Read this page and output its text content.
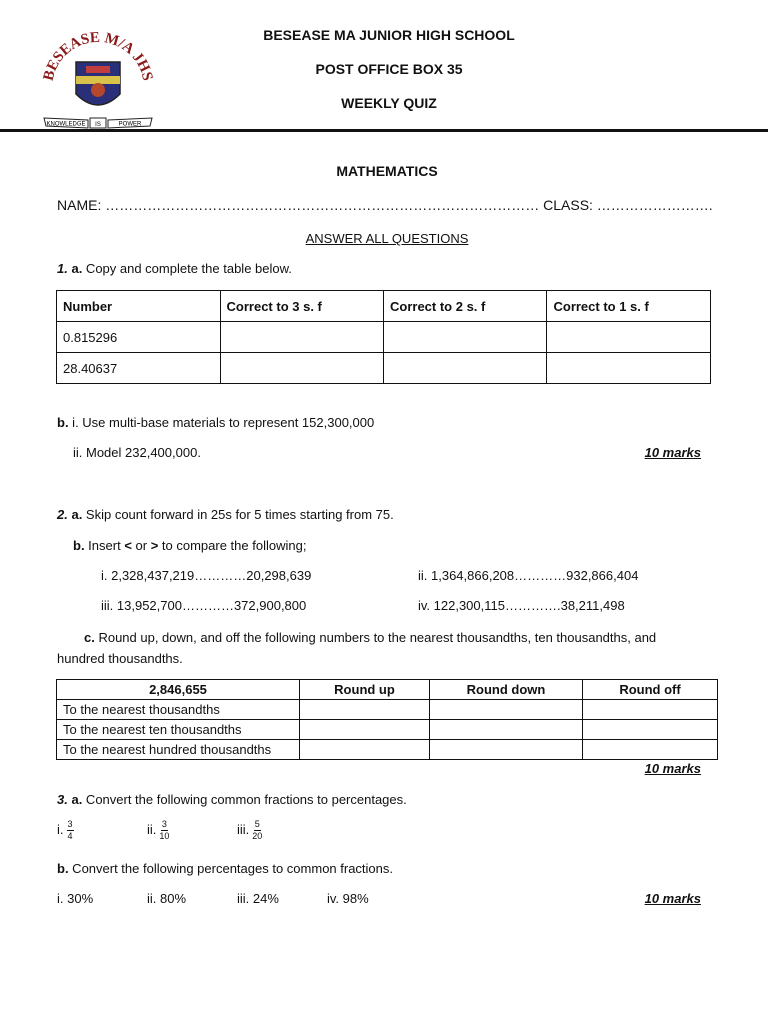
BESEASE M/A JHS
KNOWLEDGE	POWER
IS
BESEASE MA JUNIOR HIGH SCHOOL
POST OFFICE BOX 35
WEEKLY QUIZ
MATHEMATICS
NAME: ………………………………………………………………………………… CLASS: …………………….
ANSWER ALL QUESTIONS
1. a. Copy and complete the table below.
Number	Correct to 3 s. f	Correct to 2 s. f	Correct to 1 s. f
0.815296			
28.40637			
b. i. Use multi-base materials to represent 152,300,000
ii. Model 232,400,000.	10 marks
2. a. Skip count forward in 25s for 5 times starting from 75.
b. Insert < or > to compare the following;
i. 2,328,437,219…………20,298,639	ii. 1,364,866,208…………932,866,404
iii. 13,952,700…………372,900,800	iv. 122,300,115………….38,211,498
c. Round up, down, and off the following numbers to the nearest thousandths, ten thousandths, and
hundred thousandths.
2,846,655	Round up	Round down	Round off
To the nearest thousandths			
To the nearest ten thousandths			
To the nearest hundred thousandths			
10 marks
3. a. Convert the following common fractions to percentages.
i. $\frac{3}{4}$	ii. $\frac{3}{10}$	iii. $\frac{5}{20}$
b. Convert the following percentages to common fractions.
i. 30%	ii. 80%	iii. 24%	iv. 98%	10 marks
